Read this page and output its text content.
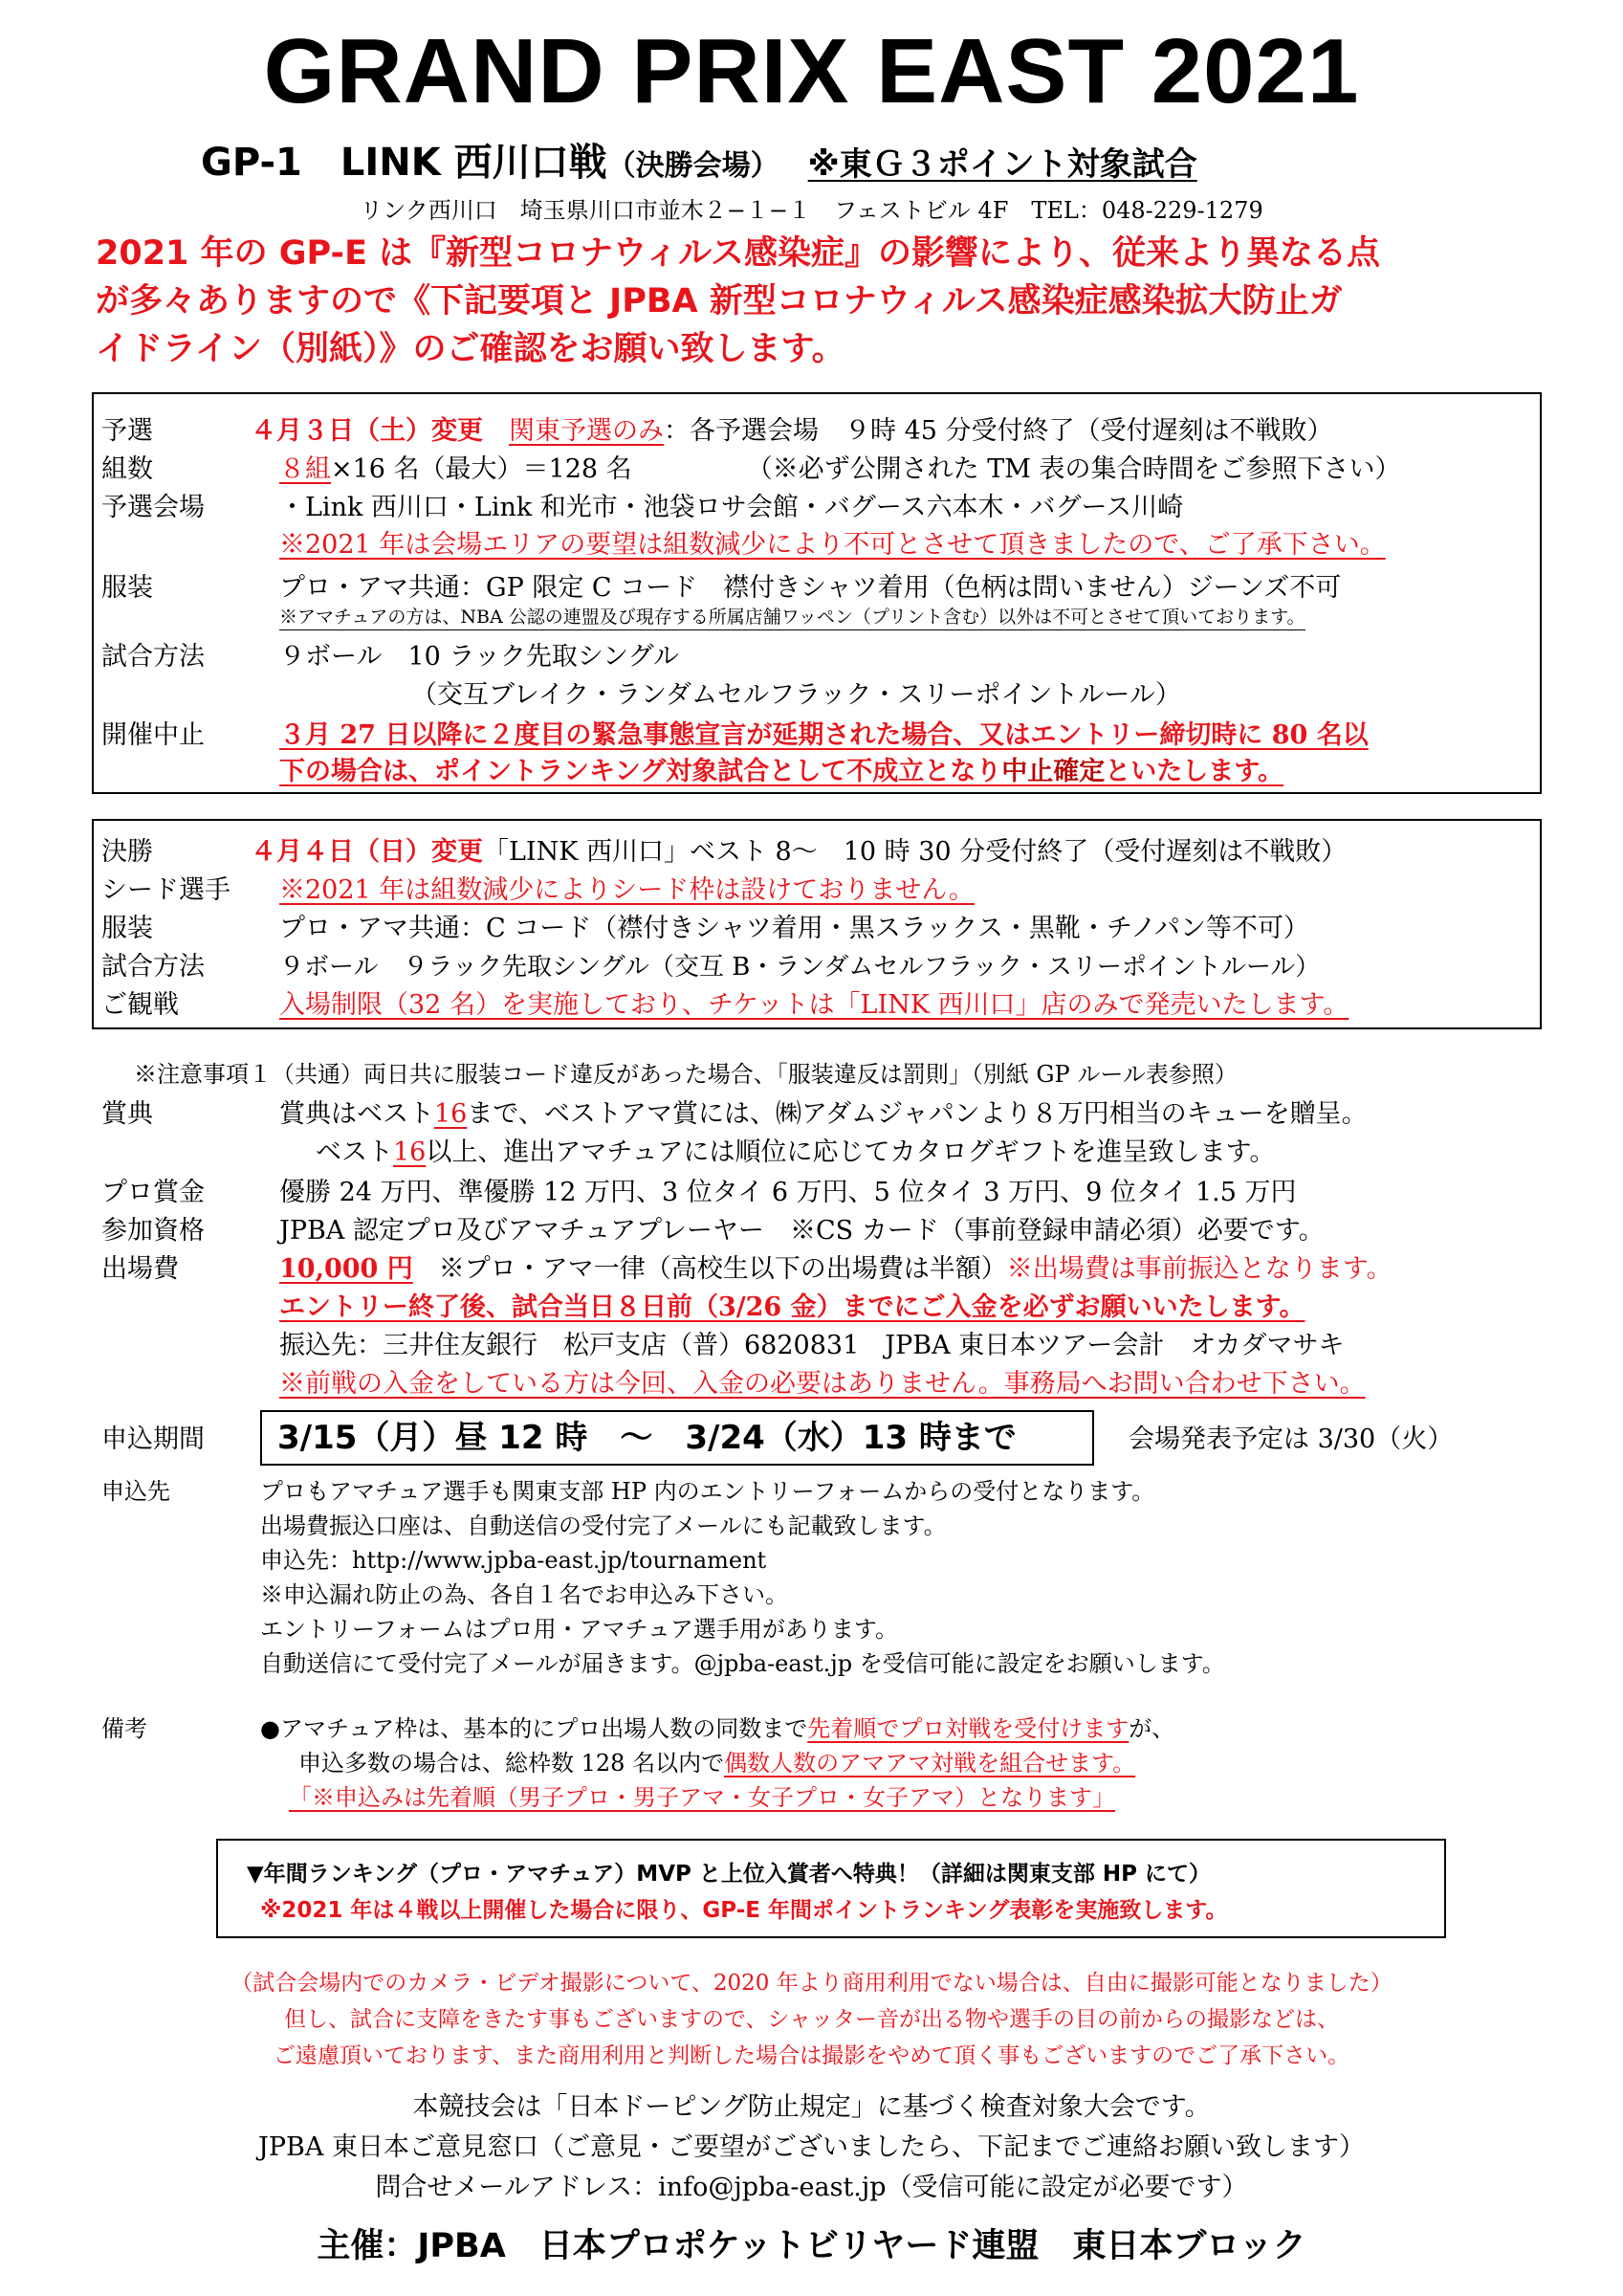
GRAND PRIX EAST 2021
GP-1 LINK 西川口戦（決勝会場） ※東Ｇ３ポイント対象試合
リンク西川口　埼玉県川口市並木２−１−１　フェストビル 4F　TEL：048-229-1279
2021 年の GP-E は『新型コロナウィルス感染症』の影響により、従来より異なる点
が多々ありますので《下記要項と JPBA 新型コロナウィルス感染症感染拡大防止ガ
イドライン（別紙）》のご確認をお願い致します。
予選	４月３日（土）変更　 関東予選のみ：各予選会場　９時 45 分受付終了（受付遅刻は不戦敗）
組数	８組×16 名（最大）＝128 名	（※必ず公開された TM 表の集合時間をご参照下さい）
予選会場	・Link 西川口・Link 和光市・池袋ロサ会館・バグース六本木・バグース川崎
※2021 年は会場エリアの要望は組数減少により不可とさせて頂きましたので、ご了承下さい。
服装	プロ・アマ共通：GP 限定 C コード　襟付きシャツ着用（色柄は問いません）ジーンズ不可
※アマチュアの方は、NBA 公認の連盟及び現存する所属店舗ワッペン（プリント含む）以外は不可とさせて頂いております。
試合方法	９ボール　10 ラック先取シングル
（交互ブレイク・ランダムセルフラック・スリーポイントルール）
開催中止	３月 27 日以降に２度目の緊急事態宣言が延期された場合、又はエントリー締切時に 80 名以
下の場合は、ポイントランキング対象試合として不成立となり中止確定といたします。
決勝	４月４日（日）変更「LINK 西川口」ベスト 8〜　10 時 30 分受付終了（受付遅刻は不戦敗）
シード選手 ※2021 年は組数減少によりシード枠は設けておりません。
服装	プロ・アマ共通：C コード（襟付きシャツ着用・黒スラックス・黒靴・チノパン等不可）
試合方法	９ボール　９ラック先取シングル（交互 B・ランダムセルフラック・スリーポイントルール）
ご観戦	入場制限（32 名）を実施しており、チケットは「LINK 西川口」店のみで発売いたします。
※注意事項１（共通）両日共に服装コード違反があった場合、「服装違反は罰則」（別紙 GP ルール表参照）
賞典	賞典はベスト16まで、ベストアマ賞には、㈱アダムジャパンより８万円相当のキューを贈呈。
ベスト16以上、進出アマチュアには順位に応じてカタログギフトを進呈致します。
プロ賞金	優勝 24 万円、準優勝 12 万円、3 位タイ 6 万円、5 位タイ 3 万円、9 位タイ 1.5 万円
参加資格	JPBA 認定プロ及びアマチュアプレーヤー　※CS カード（事前登録申請必須）必要です。
出場費	10,000 円　※プロ・アマ一律（高校生以下の出場費は半額）※出場費は事前振込となります。
エントリー終了後、試合当日８日前（3/26 金）までにご入金を必ずお願いいたします。
振込先：三井住友銀行　松戸支店（普）6820831　JPBA 東日本ツアー会計　オカダマサキ
※前戦の入金をしている方は今回、入金の必要はありません。事務局へお問い合わせ下さい。
申込期間 3/15（月）昼 12 時　〜　3/24（水）13 時まで	会場発表予定は 3/30（火）
申込先	プロもアマチュア選手も関東支部 HP 内のエントリーフォームからの受付となります。
出場費振込口座は、自動送信の受付完了メールにも記載致します。
申込先：http://www.jpba-east.jp/tournament
※申込漏れ防止の為、各自１名でお申込み下さい。
エントリーフォームはプロ用・アマチュア選手用があります。
自動送信にて受付完了メールが届きます。@jpba-east.jp を受信可能に設定をお願いします。
備考	●アマチュア枠は、基本的にプロ出場人数の同数まで先着順でプロ対戦を受付けますが、
申込多数の場合は、総枠数 128 名以内で偶数人数のアマアマ対戦を組合せます。
「※申込みは先着順（男子プロ・男子アマ・女子プロ・女子アマ）となります」
▼年間ランキング（プロ・アマチュア）MVP と上位入賞者へ特典！（詳細は関東支部 HP にて）
※2021 年は４戦以上開催した場合に限り、GP-E 年間ポイントランキング表彰を実施致します。
（試合会場内でのカメラ・ビデオ撮影について、2020 年より商用利用でない場合は、自由に撮影可能となりました）
但し、試合に支障をきたす事もございますので、シャッター音が出る物や選手の目の前からの撮影などは、
ご遠慮頂いております、また商用利用と判断した場合は撮影をやめて頂く事もございますのでご了承下さい。
本競技会は「日本ドーピング防止規定」に基づく検査対象大会です。
JPBA 東日本ご意見窓口（ご意見・ご要望がございましたら、下記までご連絡お願い致します）
問合せメールアドレス：info@jpba-east.jp（受信可能に設定が必要です）
主催：JPBA　日本プロポケットビリヤード連盟　東日本ブロック
